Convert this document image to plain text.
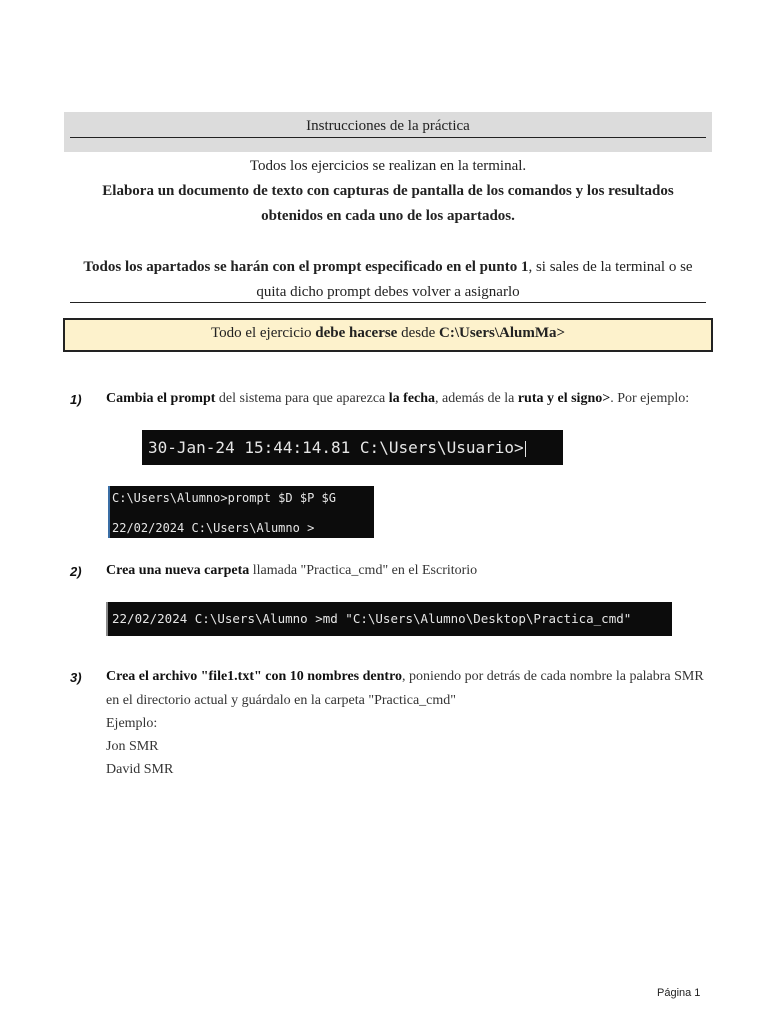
Instrucciones de la práctica
Todos los ejercicios se realizan en la terminal.
Elabora un documento de texto con capturas de pantalla de los comandos y los resultados
obtenidos en cada uno de los apartados.
Todos los apartados se harán con el prompt especificado en el punto 1, si sales de la terminal o se
quita dicho prompt debes volver a asignarlo
Todo el ejercicio debe hacerse desde C:\Users\AlumMa>
1) Cambia el prompt del sistema para que aparezca la fecha, además de la ruta y el signo>. Por ejemplo:
30-Jan-24 15:44:14.81 C:\Users\Usuario>

C:\Users\Alumno>prompt $D $P $G

22/02/2024 C:\Users\Alumno >

2) Crea una nueva carpeta llamada "Practica_cmd" en el Escritorio
22/02/2024 C:\Users\Alumno >md "C:\Users\Alumno\Desktop\Practica_cmd"
3) Crea el archivo "file1.txt" con 10 nombres dentro, poniendo por detrás de cada nombre la palabra SMR
en el directorio actual y guárdalo en la carpeta "Practica_cmd"
Ejemplo:
Jon SMR
David SMR
Página 1
